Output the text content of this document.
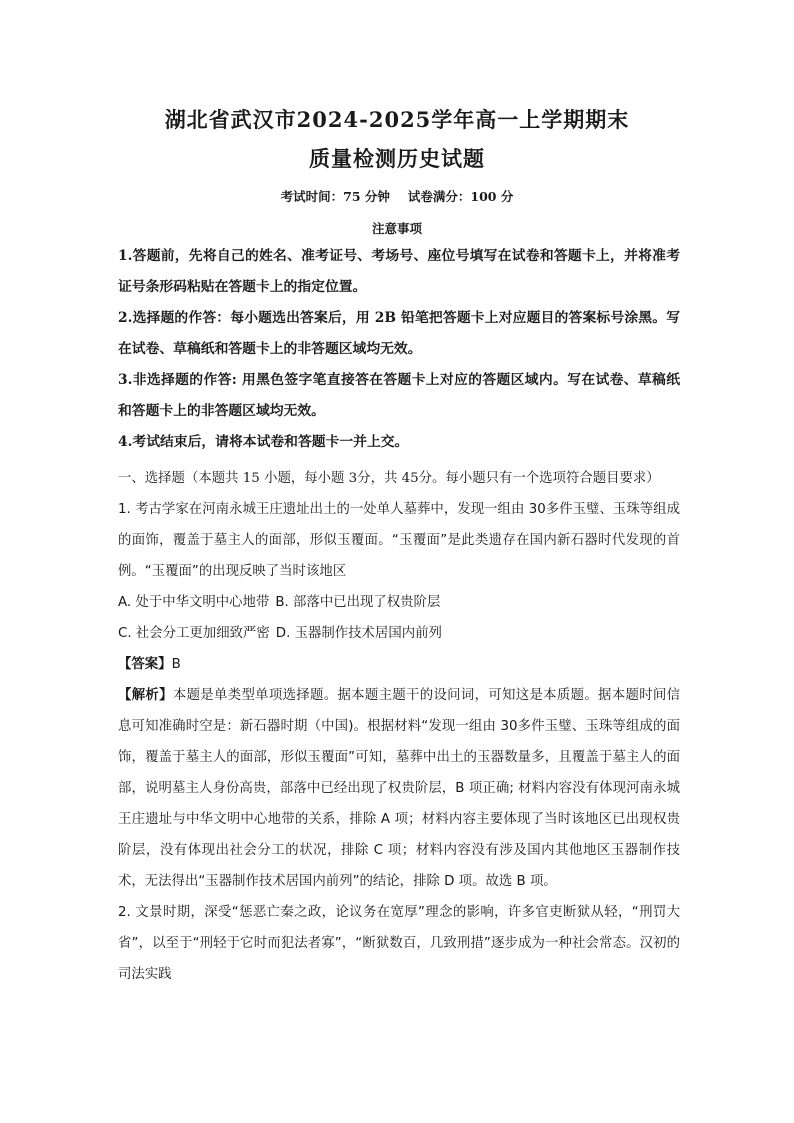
湖北省武汉市2024-2025学年高一上学期期末
质量检测历史试题
考试时间：75 分钟 试卷满分：100 分
注意事项

1.答题前，先将自己的姓名、准考证号、考场号、座位号填写在试卷和答题卡上，并将准考证号条形码粘贴在答题卡上的指定位置。

2.选择题的作答：每小题选出答案后，用 2B 铅笔把答题卡上对应题目的答案标号涂黑。写在试卷、草稿纸和答题卡上的非答题区域均无效。

3.非选择题的作答: 用黑色签字笔直接答在答题卡上对应的答题区域内。写在试卷、草稿纸和答题卡上的非答题区域均无效。

4.考试结束后，请将本试卷和答题卡一并上交。

一、选择题（本题共 15 小题，每小题 3分，共 45分。每小题只有一个选项符合题目要求）

1. 考古学家在河南永城王庄遗址出土的一处单人墓葬中，发现一组由 30多件玉璧、玉珠等组成的面饰，覆盖于墓主人的面部，形似玉覆面。“玉覆面”是此类遗存在国内新石器时代发现的首例。“玉覆面”的出现反映了当时该地区

A. 处于中华文明中心地带 B. 部落中已出现了权贵阶层

C. 社会分工更加细致严密 D. 玉器制作技术居国内前列

【答案】B

【解析】本题是单类型单项选择题。据本题主题干的设问词，可知这是本质题。据本题时间信息可知准确时空是：新石器时期（中国)。根据材料“发现一组由 30多件玉璧、玉珠等组成的面饰，覆盖于墓主人的面部，形似玉覆面”可知，墓葬中出土的玉器数量多，且覆盖于墓主人的面部，说明墓主人身份高贵，部落中已经出现了权贵阶层，B 项正确; 材料内容没有体现河南永城王庄遗址与中华文明中心地带的关系，排除 A 项；材料内容主要体现了当时该地区已出现权贵阶层，没有体现出社会分工的状况，排除 C 项；材料内容没有涉及国内其他地区玉器制作技术，无法得出“玉器制作技术居国内前列”的结论，排除 D 项。故选 B 项。

2. 文景时期，深受“惩恶亡秦之政，论议务在宽厚”理念的影响，许多官吏断狱从轻，“刑罚大省”，以至于“刑轻于它时而犯法者寡”，“断狱数百，几致刑措”逐步成为一种社会常态。汉初的司法实践
